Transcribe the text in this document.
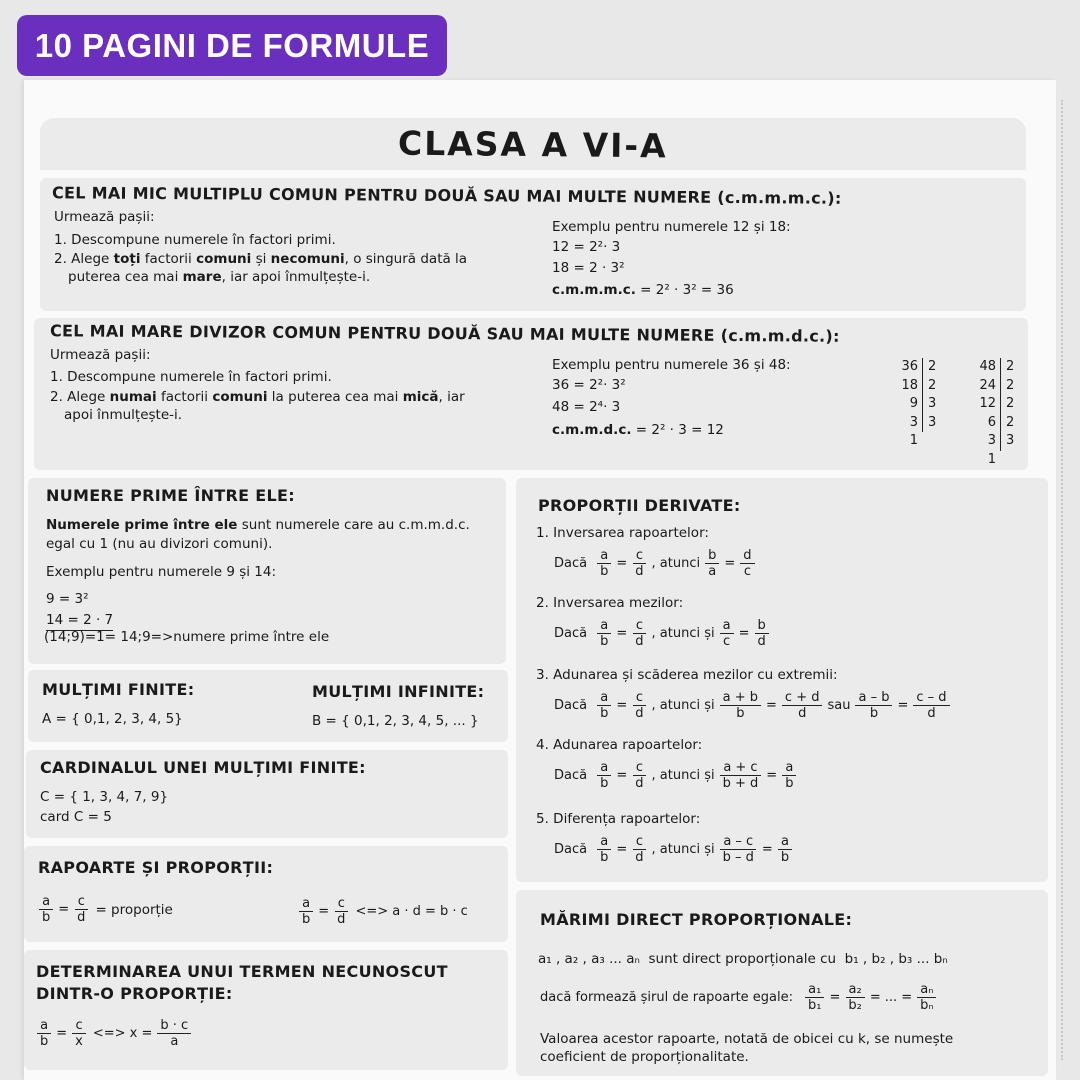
10 PAGINI DE FORMULE
CLASA A VI-A
CEL MAI MIC MULTIPLU COMUN PENTRU DOUĂ SAU MAI MULTE NUMERE (c.m.m.m.c.):
Urmează pașii:
1. Descompune numerele în factori primi.
2. Alege toți factorii comuni și necomuni, o singură dată la
puterea cea mai mare, iar apoi înmulțește-i.
Exemplu pentru numerele 12 și 18:
12 = 2²· 3
18 = 2 · 3²
c.m.m.m.c. = 2² · 3² = 36
CEL MAI MARE DIVIZOR COMUN PENTRU DOUĂ SAU MAI MULTE NUMERE (c.m.m.d.c.):
Urmează pașii:
1. Descompune numerele în factori primi.
2. Alege numai factorii comuni la puterea cea mai mică, iar
apoi înmulțește-i.
Exemplu pentru numerele 36 și 48:
36 = 2²· 3²
48 = 2⁴· 3
c.m.m.d.c. = 2² · 3 = 12
36 2
18 2
9 3
3 3
1
48 2
24 2
12 2
6 2
3 3
1
NUMERE PRIME ÎNTRE ELE:
Numerele prime între ele sunt numerele care au c.m.m.d.c.
egal cu 1 (nu au divizori comuni).
Exemplu pentru numerele 9 și 14:
9 = 3²
14 = 2 · 7
(14;9)=1= 14;9=>numere prime între ele
MULȚIMI FINITE:
A = { 0,1, 2, 3, 4, 5}
MULȚIMI INFINITE:
B = { 0,1, 2, 3, 4, 5, ... }
CARDINALUL UNEI MULȚIMI FINITE:
C = { 1, 3, 4, 7, 9}
card C = 5
RAPOARTE ȘI PROPORȚII:
$\frac{a}{b} = \frac{c}{d}$ = proporție	$\frac{a}{b} = \frac{c}{d}$ <=> a · d = b · c
DETERMINAREA UNUI TERMEN NECUNOSCUT
DINTR-O PROPORȚIE:
$\frac{a}{b} = \frac{c}{x}$ <=> $x = \frac{b \cdot c}{a}$
PROPORȚII DERIVATE:
1. Inversarea rapoartelor:
Dacă $\frac{a}{b} = \frac{c}{d}$ , atunci $\frac{b}{a} = \frac{d}{c}$
2. Inversarea mezilor:
Dacă $\frac{a}{b} = \frac{c}{d}$ , atunci și $\frac{a}{c} = \frac{b}{d}$
3. Adunarea și scăderea mezilor cu extremii:
Dacă $\frac{a}{b} = \frac{c}{d}$ , atunci și $\frac{a + b}{b} = \frac{c + d}{d}$ sau $\frac{a - b}{b} = \frac{c - d}{d}$
4. Adunarea rapoartelor:
Dacă $\frac{a}{b} = \frac{c}{d}$ , atunci și $\frac{a + c}{b + d} = \frac{a}{b}$
5. Diferența rapoartelor:
Dacă $\frac{a}{b} = \frac{c}{d}$ , atunci și $\frac{a - c}{b - d} = \frac{a}{b}$
MĂRIMI DIRECT PROPORȚIONALE:
a₁ , a₂ , a₃ ... aₙ sunt direct proporționale cu b₁ , b₂ , b₃ ... bₙ
dacă formează șirul de rapoarte egale: $\frac{\text{a₁}}{\text{b₁}} = \frac{\text{a₂}}{\text{b₂}}$ = ... = $\frac{\text{aₙ}}{\text{bₙ}}$
Valoarea acestor rapoarte, notată de obicei cu k, se numește
coeficient de proporționalitate.
